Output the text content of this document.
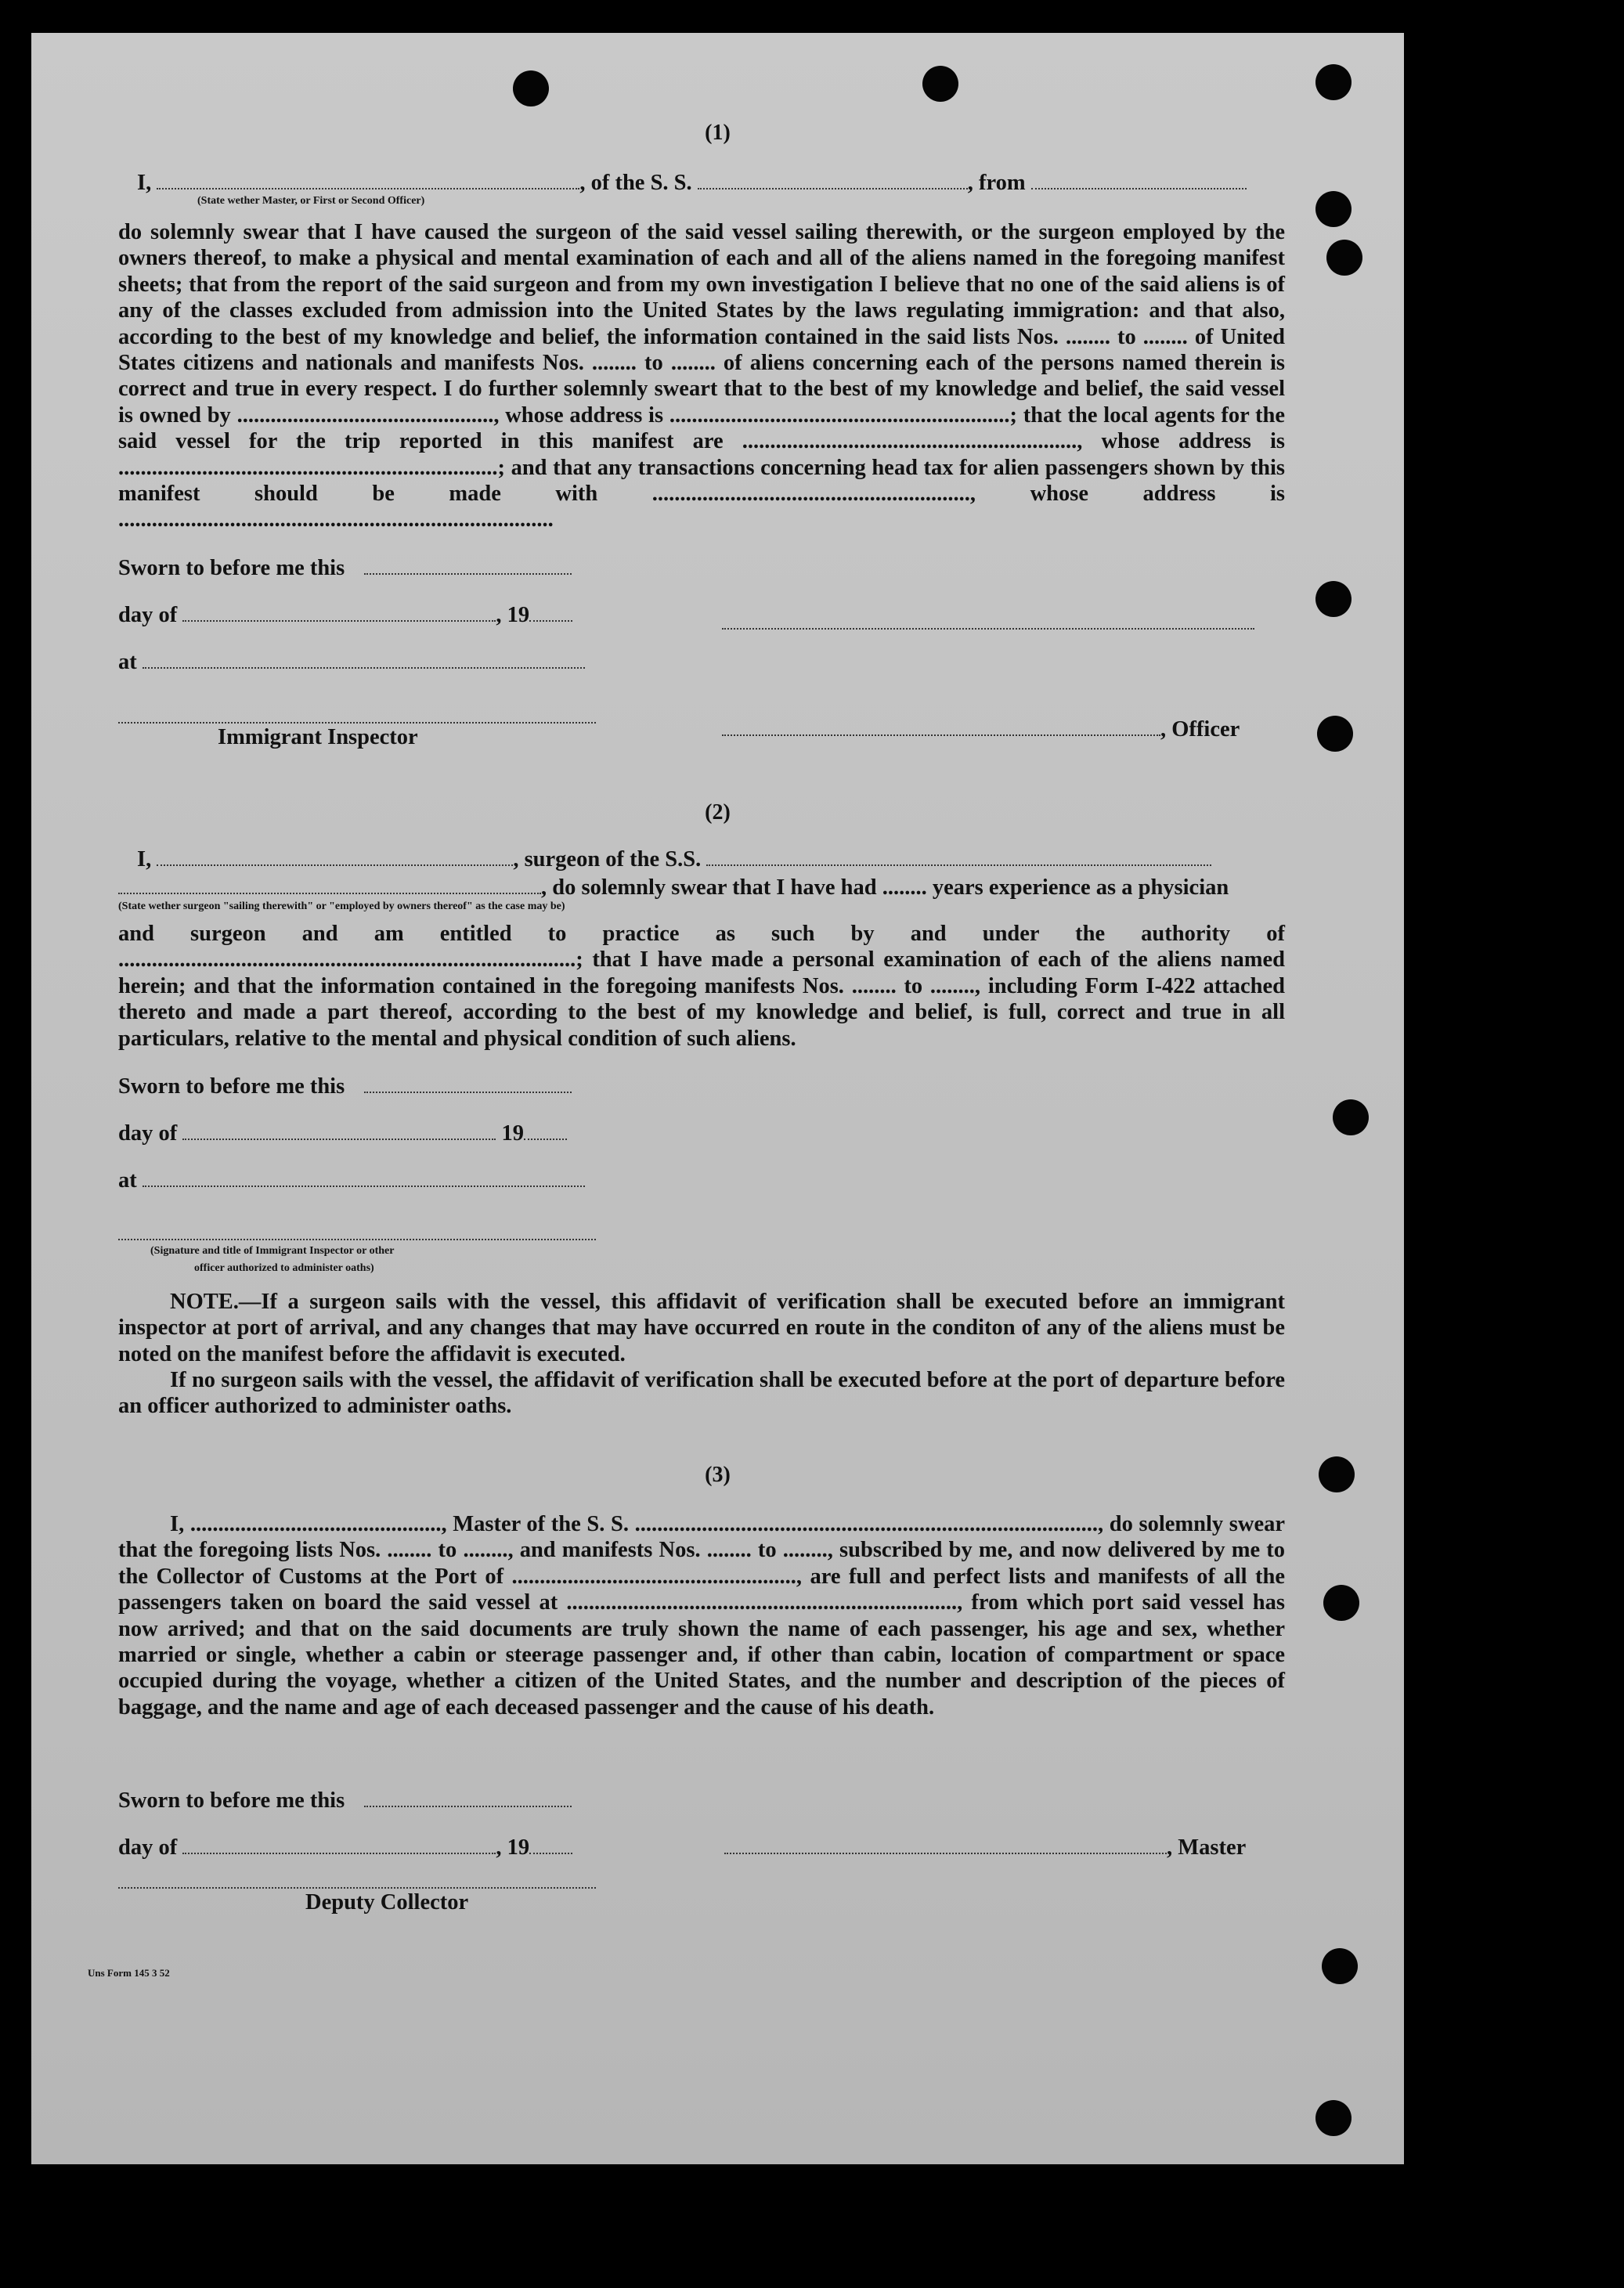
(1)
I,	, of the S. S.	, from
(State wether Master, or First or Second Officer)

do solemnly swear that I have caused the surgeon of the said vessel sailing therewith, or the surgeon employed by the owners thereof, to make a physical and mental examination of each and all of the aliens named in the foregoing manifest sheets; that from the report of the said surgeon and from my own investigation I believe that no one of the said aliens is of any of the classes excluded from admission into the United States by the laws regulating immigration: and that also, according to the best of my knowledge and belief, the information contained in the said lists Nos. ........ to ........ of United States citizens and nationals and manifests Nos. ........ to ........ of aliens concerning each of the persons named therein is correct and true in every respect. I do further solemnly sweart that to the best of my knowledge and belief, the said vessel is owned by .............................................., whose address is .............................................................; that the local agents for the said vessel for the trip reported in this manifest are ............................................................, whose address is ....................................................................; and that any transactions concerning head tax for alien passengers shown by this manifest should be made with ........................................................., whose address is ..............................................................................

Sworn to before me this
day of	, 19
at
Immigrant Inspector	, Officer
(2)
I,	, surgeon of the S.S.
, do solemnly swear that I have had ........ years experience as a physician
(State wether surgeon "sailing therewith" or "employed by owners thereof" as the case may be)

and surgeon and am entitled to practice as such by and under the authority of ..................................................................................; that I have made a personal examination of each of the aliens named herein; and that the information contained in the foregoing manifests Nos. ........ to ........, including Form I-422 attached thereto and made a part thereof, according to the best of my knowledge and belief, is full, correct and true in all particulars, relative to the mental and physical condition of such aliens.

Sworn to before me this
day of	19
at
(Signature and title of Immigrant Inspector or other
officer authorized to administer oaths)

NOTE.—If a surgeon sails with the vessel, this affidavit of verification shall be executed before an immigrant inspector at port of arrival, and any changes that may have occurred en route in the conditon of any of the aliens must be noted on the manifest before the affidavit is executed.

If no surgeon sails with the vessel, the affidavit of verification shall be executed before at the port of departure before an officer authorized to administer oaths.

(3)

I, ............................................., Master of the S. S. ..................................................................................., do solemnly swear that the foregoing lists Nos. ........ to ........, and manifests Nos. ........ to ........, subscribed by me, and now delivered by me to the Collector of Customs at the Port of ..................................................., are full and perfect lists and manifests of all the passengers taken on board the said vessel at ......................................................................, from which port said vessel has now arrived; and that on the said documents are truly shown the name of each passenger, his age and sex, whether married or single, whether a cabin or steerage passenger and, if other than cabin, location of compartment or space occupied during the voyage, whether a citizen of the United States, and the number and description of the pieces of baggage, and the name and age of each deceased passenger and the cause of his death.

Sworn to before me this
day of	, 19	, Master
Deputy Collector
Uns Form 145 3 52
